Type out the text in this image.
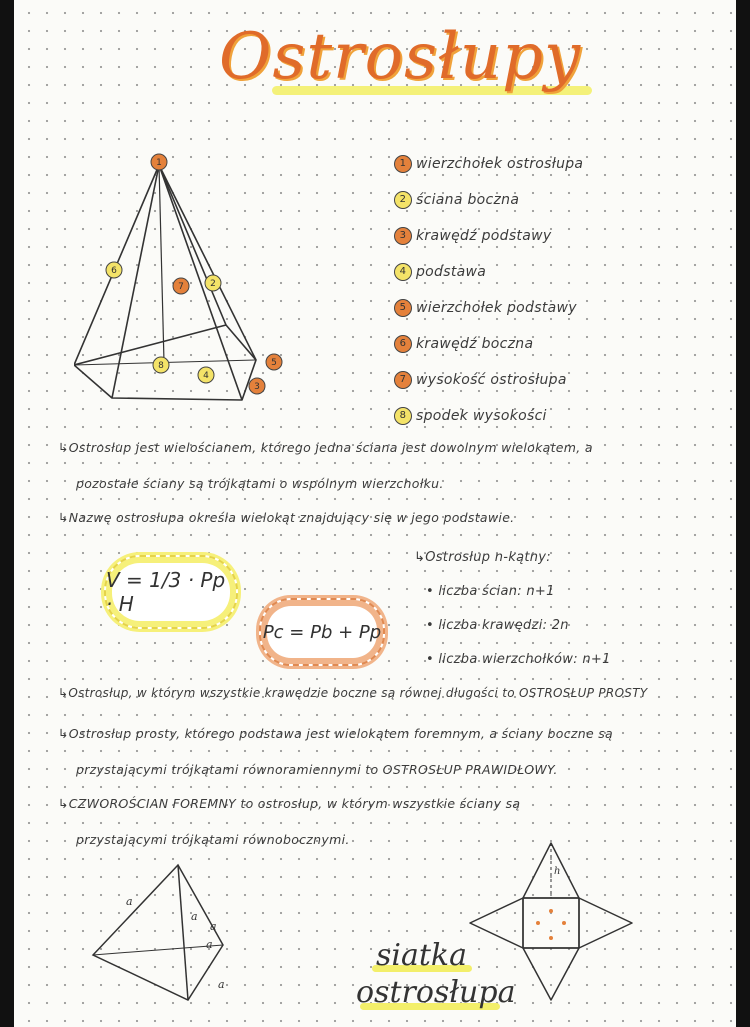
Ostrosłupy
1
6
7	2
8
4
5
3
1 wierzchołek ostrosłupa
2 ściana boczna
3 krawędź podstawy
4 podstawa
5 wierzchołek podstawy
6 krawędź boczna
7 wysokość ostrosłupa
8 spodek wysokości
↳Ostrosłup jest wielościanem, którego jedna ściana jest dowolnym wielokątem, a
pozostałe ściany są trójkątami o wspólnym wierzchołku.
↳Nazwę ostrosłupa określa wielokąt znajdujący się w jego podstawie.
↳Ostrosłup n-kątny:
• liczba ścian: n+1
• liczba krawędzi: 2n
• liczba wierzchołków: n+1
V = 1/3 · Pp · H
Pc = Pb + Pp
↳Ostrosłup, w którym wszystkie krawędzie boczne są równej długości to OSTROSŁUP PROSTY
↳Ostrosłup prosty, którego podstawa jest wielokątem foremnym, a ściany boczne są
przystającymi trójkątami równoramiennymi to OSTROSŁUP PRAWIDŁOWY.
↳CZWOROŚCIAN FOREMNY to ostrosłup, w którym wszystkie ściany są
przystającymi trójkątami równobocznymi.
a
a
a
a
a
siatka
ostrosłupa
h
